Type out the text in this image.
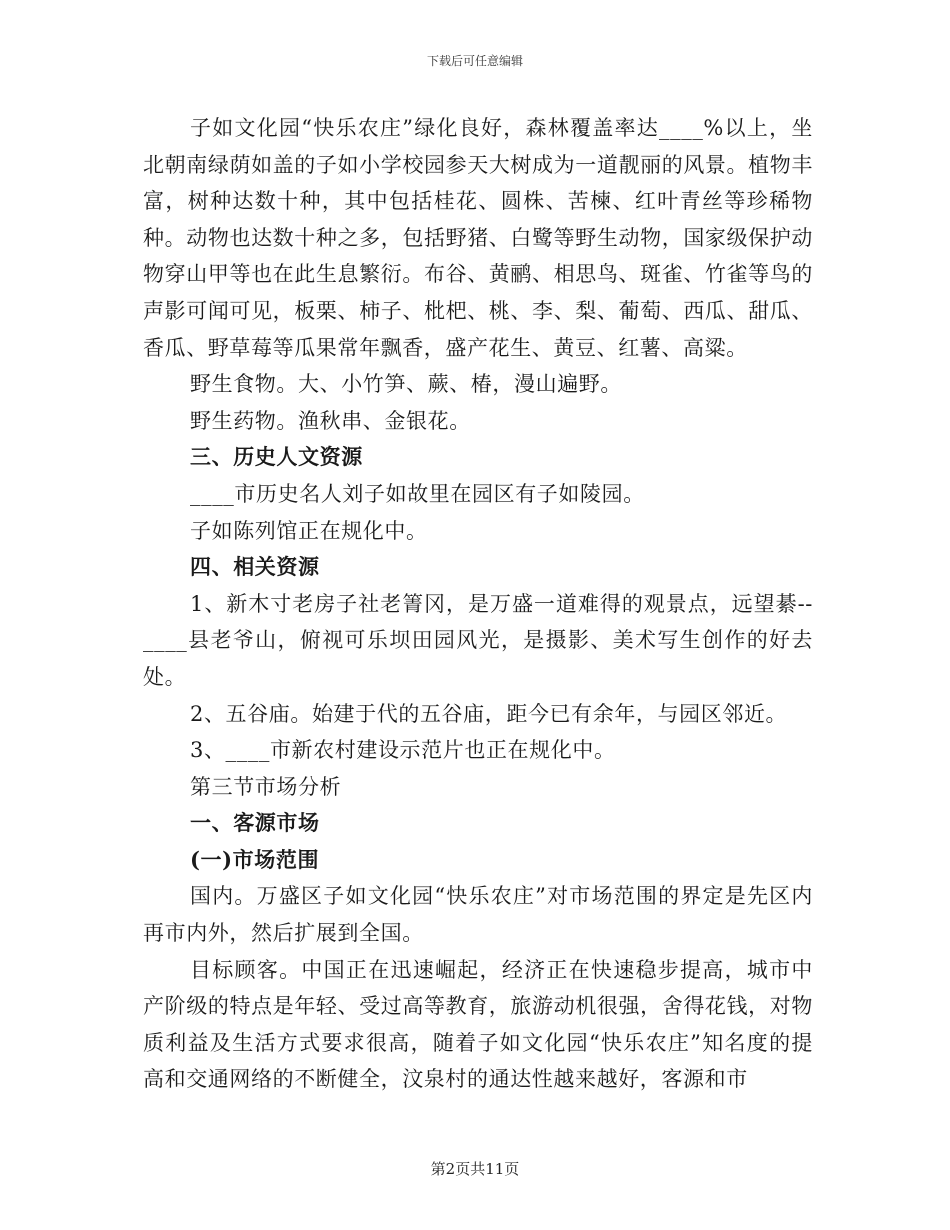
下载后可任意编辑

子如文化园“快乐农庄”绿化良好，森林覆盖率达____%以上，坐北朝南绿荫如盖的子如小学校园参天大树成为一道靓丽的风景。植物丰富，树种达数十种，其中包括桂花、圆株、苦楝、红叶青丝等珍稀物种。动物也达数十种之多，包括野猪、白鹭等野生动物，国家级保护动物穿山甲等也在此生息繁衍。布谷、黄鹂、相思鸟、斑雀、竹雀等鸟的声影可闻可见，板栗、柿子、枇杷、桃、李、梨、葡萄、西瓜、甜瓜、香瓜、野草莓等瓜果常年飘香，盛产花生、黄豆、红薯、高粱。

野生食物。大、小竹笋、蕨、椿，漫山遍野。

野生药物。渔秋串、金银花。

三、历史人文资源

____市历史名人刘子如故里在园区有子如陵园。

子如陈列馆正在规化中。

四、相关资源

1、新木寸老房子社老箐冈，是万盛一道难得的观景点，远望綦--____县老爷山，俯视可乐坝田园风光，是摄影、美术写生创作的好去处。

2、五谷庙。始建于代的五谷庙，距今已有余年，与园区邻近。

3、____市新农村建设示范片也正在规化中。

第三节市场分析

一、客源市场

(一)市场范围

国内。万盛区子如文化园“快乐农庄”对市场范围的界定是先区内再市内外，然后扩展到全国。

目标顾客。中国正在迅速崛起，经济正在快速稳步提高，城市中产阶级的特点是年轻、受过高等教育，旅游动机很强，舍得花钱，对物质利益及生活方式要求很高，随着子如文化园“快乐农庄”知名度的提高和交通网络的不断健全，汶泉村的通达性越来越好，客源和市

第2页共11页
